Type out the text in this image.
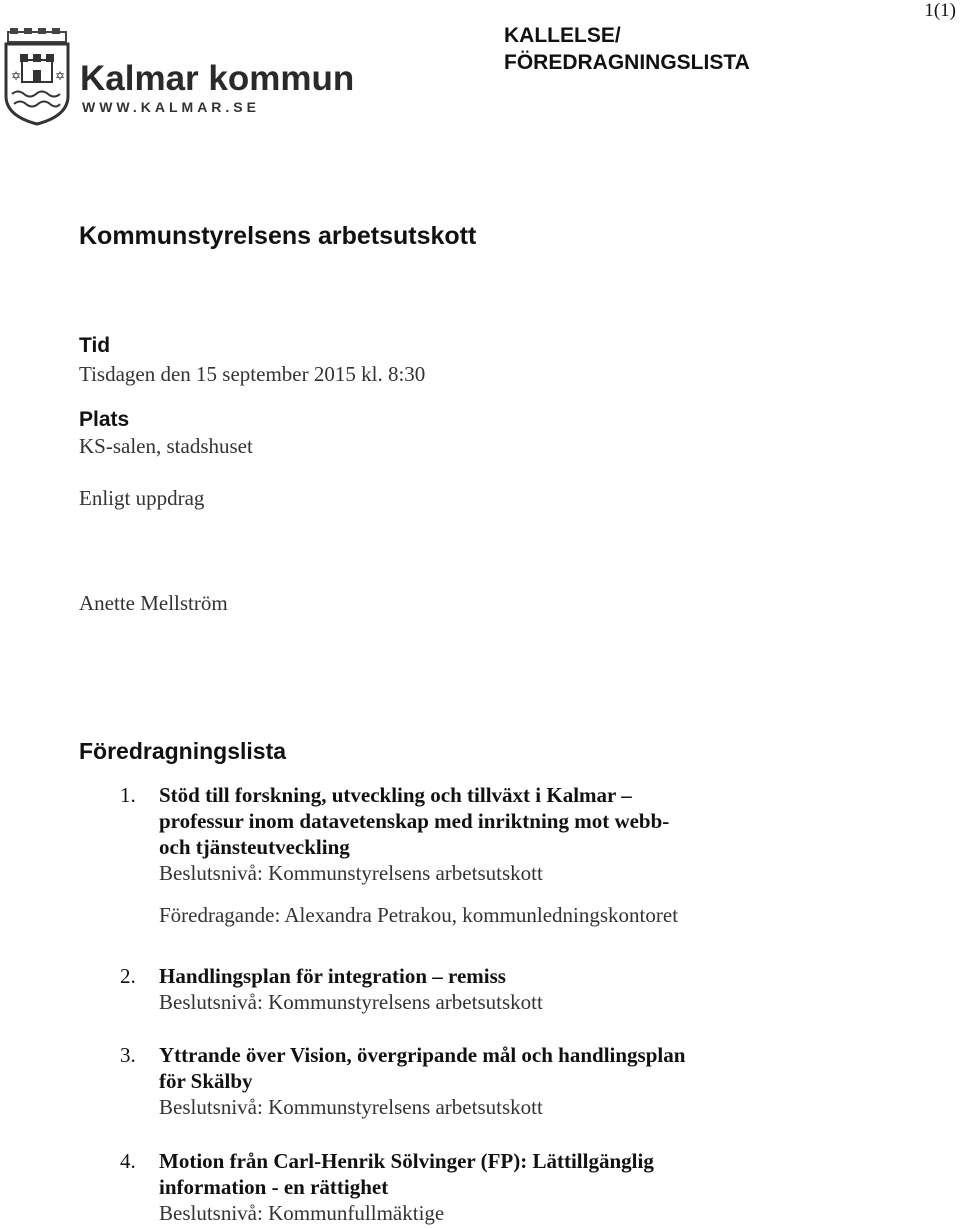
1(1)
✡	✡ Kalmar kommun
WWW.KALMAR.SE
KALLELSE/
FÖREDRAGNINGSLISTA
Kommunstyrelsens arbetsutskott
Tid
Tisdagen den 15 september 2015 kl. 8:30
Plats
KS-salen, stadshuset
Enligt uppdrag
Anette Mellström
Föredragningslista
1.	Stöd till forskning, utveckling och tillväxt i Kalmar –
professur inom datavetenskap med inriktning mot webb-
och tjänsteutveckling
Beslutsnivå: Kommunstyrelsens arbetsutskott
Föredragande: Alexandra Petrakou, kommunledningskontoret
2.	Handlingsplan för integration – remiss
Beslutsnivå: Kommunstyrelsens arbetsutskott
3.	Yttrande över Vision, övergripande mål och handlingsplan
för Skälby
Beslutsnivå: Kommunstyrelsens arbetsutskott
4.	Motion från Carl-Henrik Sölvinger (FP): Lättillgänglig
information - en rättighet
Beslutsnivå: Kommunfullmäktige
